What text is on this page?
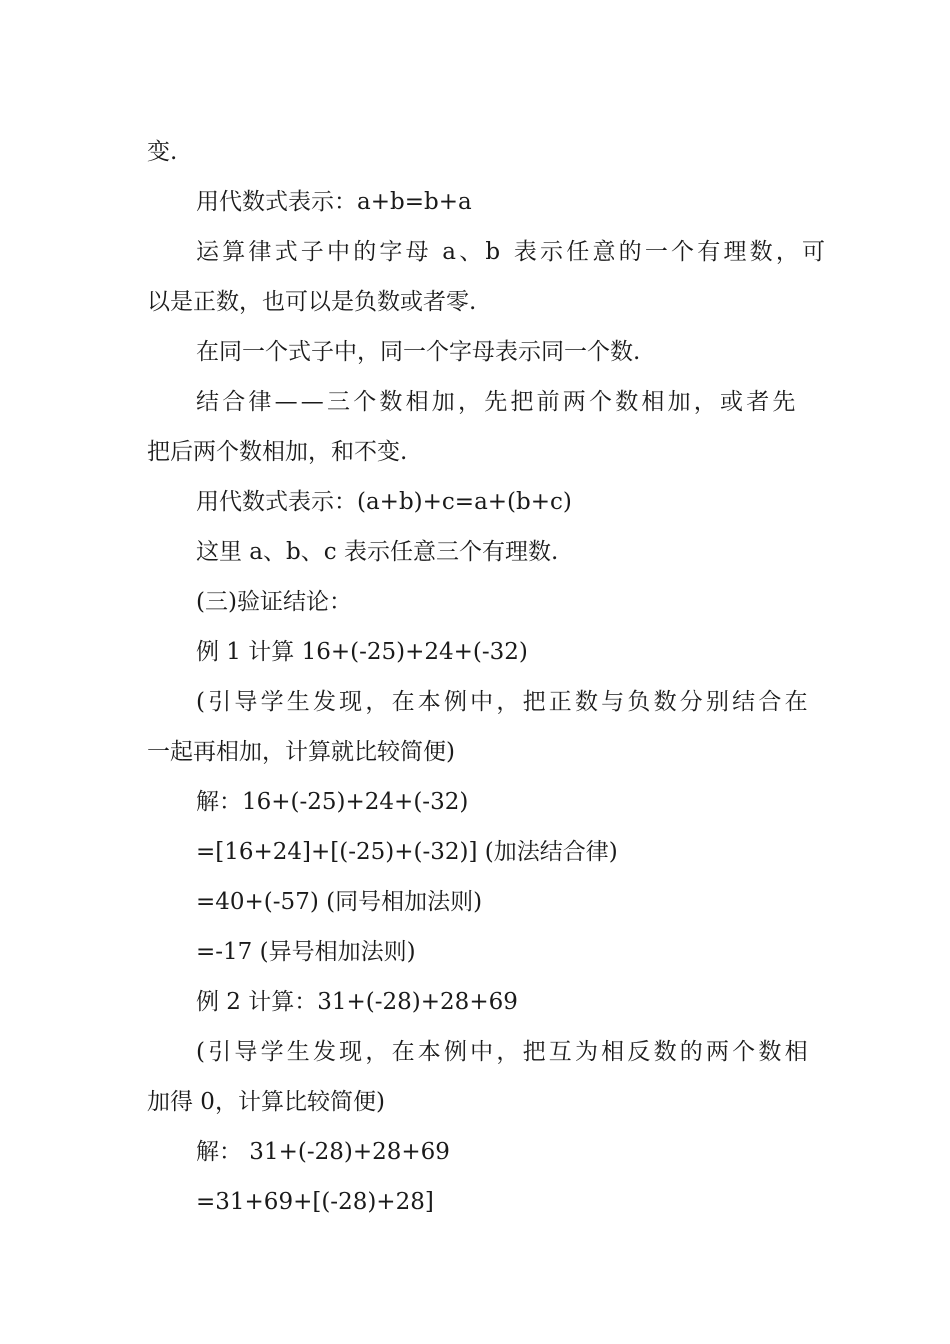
变.
用代数式表示：a+b=b+a
运算律式子中的字母 a、b 表示任意的一个有理数，可
以是正数，也可以是负数或者零.
在同一个式子中，同一个字母表示同一个数.
结合律——三个数相加，先把前两个数相加，或者先
把后两个数相加，和不变.
用代数式表示：(a+b)+c=a+(b+c)
这里 a、b、c 表示任意三个有理数.
(三)验证结论：
例 1 计算 16+(-25)+24+(-32)
(引导学生发现，在本例中，把正数与负数分别结合在
一起再相加，计算就比较简便)
解：16+(-25)+24+(-32)
=[16+24]+[(-25)+(-32)] (加法结合律)
=40+(-57) (同号相加法则)
=-17 (异号相加法则)
例 2 计算：31+(-28)+28+69
(引导学生发现，在本例中，把互为相反数的两个数相
加得 0，计算比较简便)
解： 31+(-28)+28+69
=31+69+[(-28)+28]
